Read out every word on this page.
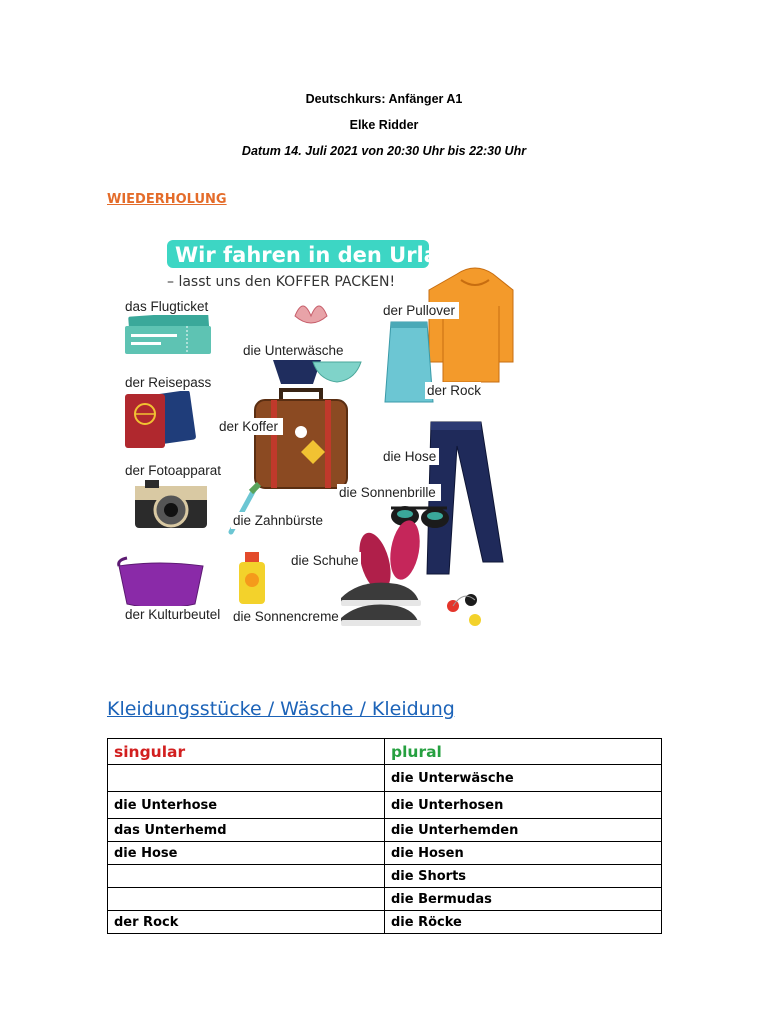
Deutschkurs: Anfänger A1
Elke Ridder
Datum 14. Juli 2021 von 20:30 Uhr bis 22:30 Uhr
WIEDERHOLUNG
Wir fahren in den Urlaub
– lasst uns den KOFFER PACKEN!
das Flugticket
die Unterwäsche
der Pullover
der Rock
der Reisepass
der Koffer
die Hose
der Fotoapparat
die Sonnenbrille
die Zahnbürste
die Schuhe
der Kulturbeutel die Sonnencreme
Kleidungsstücke / Wäsche / Kleidung
singular	plural
	die Unterwäsche
die Unterhose	die Unterhosen
das Unterhemd	die Unterhemden
die Hose	die Hosen
	die Shorts
	die Bermudas
der Rock	die Röcke
